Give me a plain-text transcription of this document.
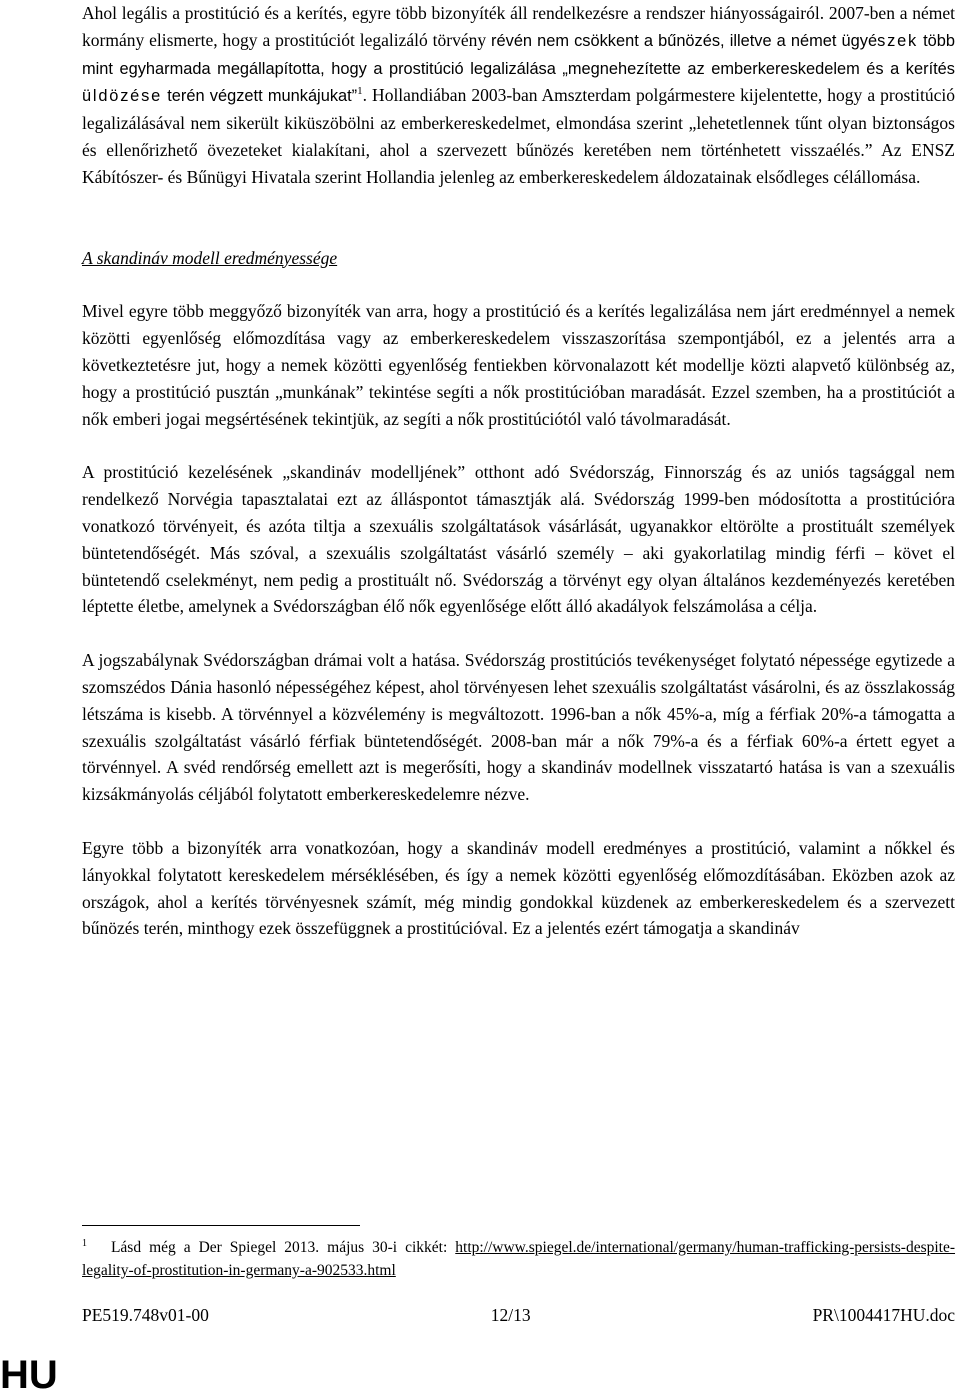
Ahol legális a prostitúció és a kerítés, egyre több bizonyíték áll rendelkezésre a rendszer hiányosságairól. 2007-ben a német kormány elismerte, hogy a prostitúciót legalizáló törvény révén nem csökkent a bűnözés, illetve a német ügyészek több mint egyharmada megállapította, hogy a prostitúció legalizálása „megnehezítette az emberkereskedelem és a kerítés üldözése terén végzett munkájukat”$^1$. Hollandiában 2003-ban Amszterdam polgármestere kijelentette, hogy a prostitúció legalizálásával nem sikerült kiküszöbölni az emberkereskedelmet, elmondása szerint „lehetetlennek tűnt olyan biztonságos és ellenőrizhető övezeteket kialakítani, ahol a szervezett bűnözés keretében nem történhetett visszaélés.” Az ENSZ Kábítószer- és Bűnügyi Hivatala szerint Hollandia jelenleg az emberkereskedelem áldozatainak elsődleges célállomása.

A skandináv modell eredményessége

Mivel egyre több meggyőző bizonyíték van arra, hogy a prostitúció és a kerítés legalizálása nem járt eredménnyel a nemek közötti egyenlőség előmozdítása vagy az emberkereskedelem visszaszorítása szempontjából, ez a jelentés arra a következtetésre jut, hogy a nemek közötti egyenlőség fentiekben körvonalazott két modellje közti alapvető különbség az, hogy a prostitúció pusztán „munkának” tekintése segíti a nők prostitúcióban maradását. Ezzel szemben, ha a prostitúciót a nők emberi jogai megsértésének tekintjük, az segíti a nők prostitúciótól való távolmaradását.

A prostitúció kezelésének „skandináv modelljének” otthont adó Svédország, Finnország és az uniós tagsággal nem rendelkező Norvégia tapasztalatai ezt az álláspontot támasztják alá. Svédország 1999-ben módosította a prostitúcióra vonatkozó törvényeit, és azóta tiltja a szexuális szolgáltatások vásárlását, ugyanakkor eltörölte a prostituált személyek büntetendőségét. Más szóval, a szexuális szolgáltatást vásárló személy – aki gyakorlatilag mindig férfi – követ el büntetendő cselekményt, nem pedig a prostituált nő. Svédország a törvényt egy olyan általános kezdeményezés keretében léptette életbe, amelynek a Svédországban élő nők egyenlősége előtt álló akadályok felszámolása a célja.

A jogszabálynak Svédországban drámai volt a hatása. Svédország prostitúciós tevékenységet folytató népessége egytizede a szomszédos Dánia hasonló népességéhez képest, ahol törvényesen lehet szexuális szolgáltatást vásárolni, és az összlakosság létszáma is kisebb. A törvénnyel a közvélemény is megváltozott. 1996-ban a nők 45%-a, míg a férfiak 20%-a támogatta a szexuális szolgáltatást vásárló férfiak büntetendőségét. 2008-ban már a nők 79%-a és a férfiak 60%-a értett egyet a törvénnyel. A svéd rendőrség emellett azt is megerősíti, hogy a skandináv modellnek visszatartó hatása is van a szexuális kizsákmányolás céljából folytatott emberkereskedelemre nézve.

Egyre több a bizonyíték arra vonatkozóan, hogy a skandináv modell eredményes a prostitúció, valamint a nőkkel és lányokkal folytatott kereskedelem mérséklésében, és így a nemek közötti egyenlőség előmozdításában. Eközben azok az országok, ahol a kerítés törvényesnek számít, még mindig gondokkal küzdenek az emberkereskedelem és a szervezett bűnözés terén, minthogy ezek összefüggnek a prostitúcióval. Ez a jelentés ezért támogatja a skandináv

$^1$ Lásd még a Der Spiegel 2013. május 30-i cikkét: http://www.spiegel.de/international/germany/human-trafficking-persists-despite-legality-of-prostitution-in-germany-a-902533.html
PE519.748v01-00	12/13	PR\1004417HU.doc
HU
